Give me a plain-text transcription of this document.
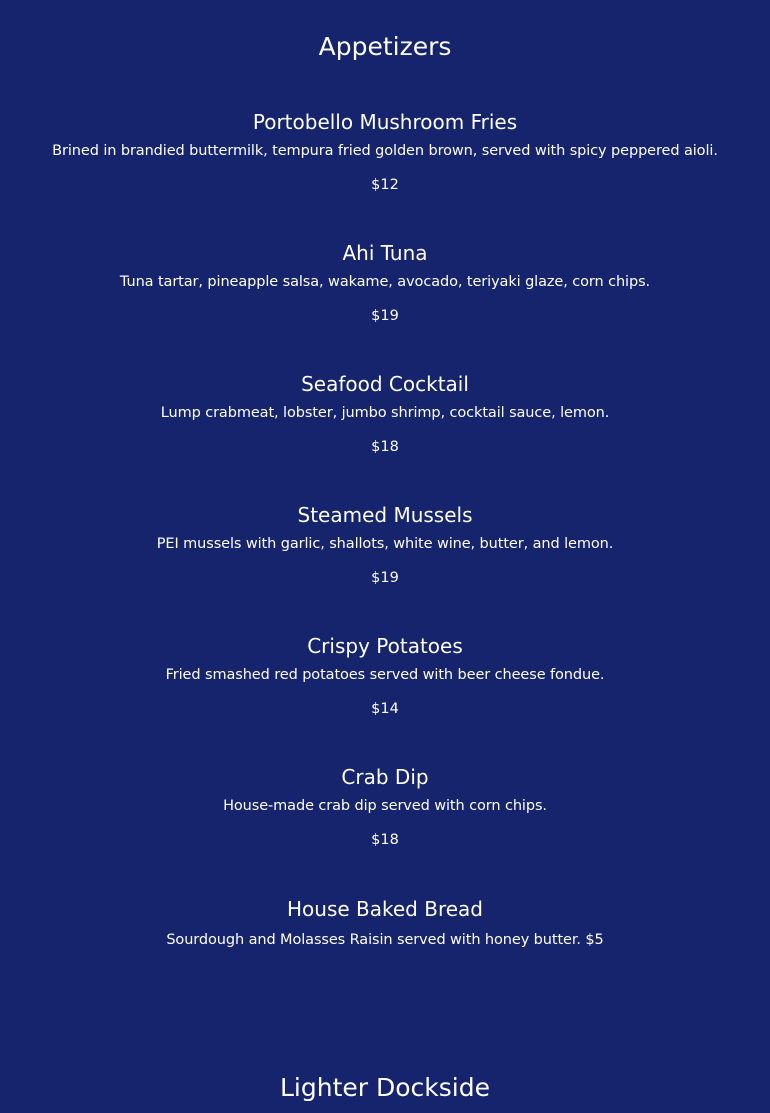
Appetizers
Portobello Mushroom Fries
Brined in brandied buttermilk, tempura fried golden brown, served with spicy peppered aioli.
$12
Ahi Tuna
Tuna tartar, pineapple salsa, wakame, avocado, teriyaki glaze, corn chips.
$19
Seafood Cocktail
Lump crabmeat, lobster, jumbo shrimp, cocktail sauce, lemon.
$18
Steamed Mussels
PEI mussels with garlic, shallots, white wine, butter, and lemon.
$19
Crispy Potatoes
Fried smashed red potatoes served with beer cheese fondue.
$14
Crab Dip
House-made crab dip served with corn chips.
$18
House Baked Bread
Sourdough and Molasses Raisin served with honey butter. $5
Lighter Dockside
